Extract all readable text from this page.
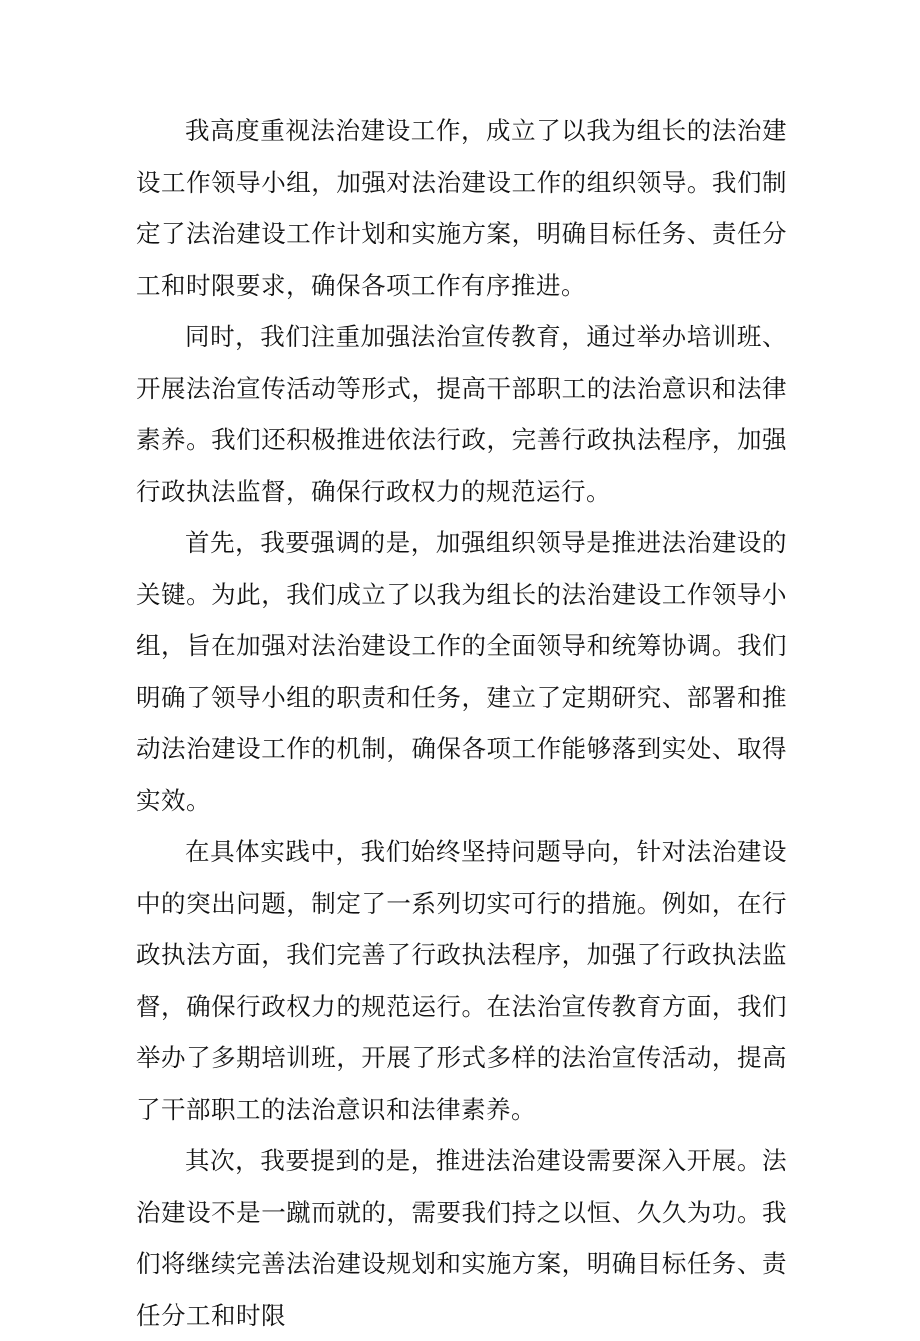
我高度重视法治建设工作，成立了以我为组长的法治建设工作领导小组，加强对法治建设工作的组织领导。我们制定了法治建设工作计划和实施方案，明确目标任务、责任分工和时限要求，确保各项工作有序推进。

同时，我们注重加强法治宣传教育，通过举办培训班、开展法治宣传活动等形式，提高干部职工的法治意识和法律素养。我们还积极推进依法行政，完善行政执法程序，加强行政执法监督，确保行政权力的规范运行。

首先，我要强调的是，加强组织领导是推进法治建设的关键。为此，我们成立了以我为组长的法治建设工作领导小组，旨在加强对法治建设工作的全面领导和统筹协调。我们明确了领导小组的职责和任务，建立了定期研究、部署和推动法治建设工作的机制，确保各项工作能够落到实处、取得实效。

在具体实践中，我们始终坚持问题导向，针对法治建设中的突出问题，制定了一系列切实可行的措施。例如，在行政执法方面，我们完善了行政执法程序，加强了行政执法监督，确保行政权力的规范运行。在法治宣传教育方面，我们举办了多期培训班，开展了形式多样的法治宣传活动，提高了干部职工的法治意识和法律素养。

其次，我要提到的是，推进法治建设需要深入开展。法治建设不是一蹴而就的，需要我们持之以恒、久久为功。我们将继续完善法治建设规划和实施方案，明确目标任务、责任分工和时限
